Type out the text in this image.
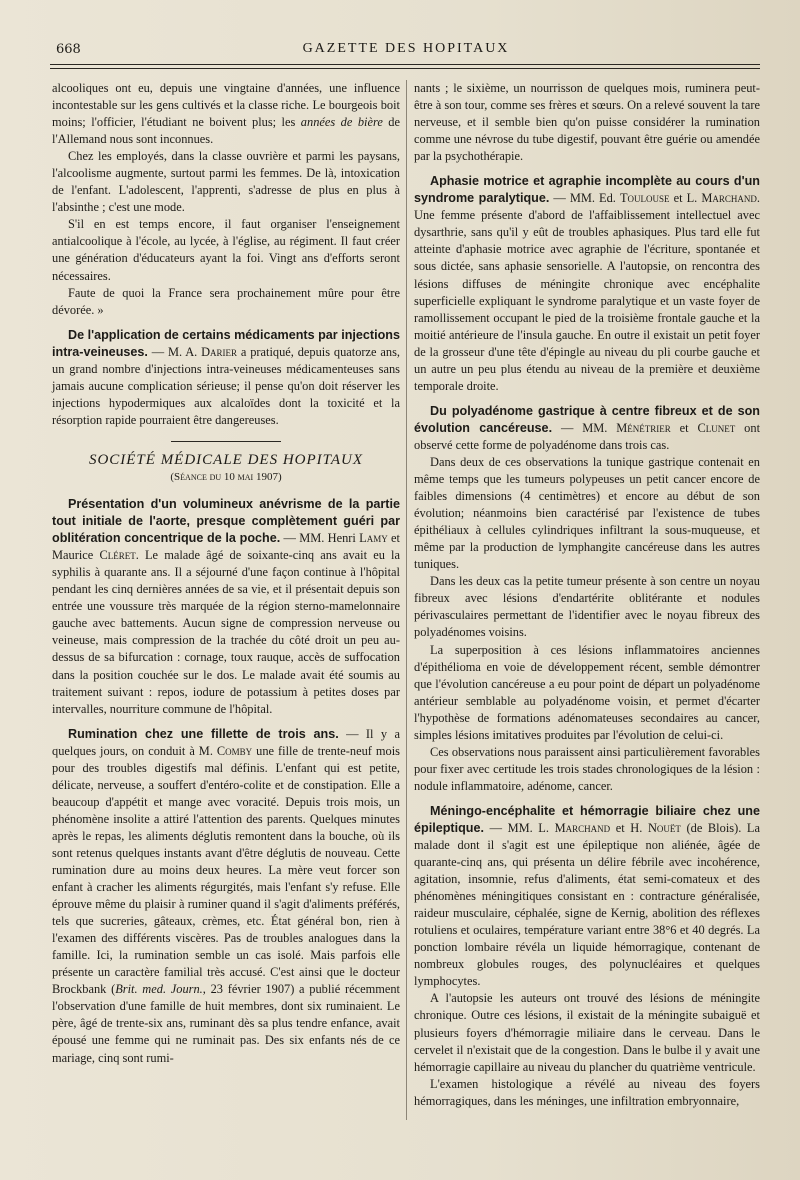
668	GAZETTE DES HOPITAUX

alcooliques ont eu, depuis une vingtaine d'années, une influence incontestable sur les gens cultivés et la classe riche. Le bourgeois boit moins; l'officier, l'étudiant ne boivent plus; les années de bière de l'Allemand nous sont inconnues.

Chez les employés, dans la classe ouvrière et parmi les paysans, l'alcoolisme augmente, surtout parmi les femmes. De là, intoxication de l'enfant. L'adolescent, l'apprenti, s'adresse de plus en plus à l'absinthe ; c'est une mode.

S'il en est temps encore, il faut organiser l'enseignement antialcoolique à l'école, au lycée, à l'église, au régiment. Il faut créer une génération d'éducateurs ayant la foi. Vingt ans d'efforts seront nécessaires.

Faute de quoi la France sera prochainement mûre pour être dévorée. »

De l'application de certains médicaments par injections intra-veineuses. — M. A. Darier a pratiqué, depuis quatorze ans, un grand nombre d'injections intra-veineuses médicamenteuses sans jamais aucune complication sérieuse; il pense qu'on doit réserver les injections hypodermiques aux alcaloïdes dont la toxicité et la résorption rapide pourraient être dangereuses.

SOCIÉTÉ MÉDICALE DES HOPITAUX
(Séance du 10 mai 1907)

Présentation d'un volumineux anévrisme de la partie tout initiale de l'aorte, presque complètement guéri par oblitération concentrique de la poche. — MM. Henri Lamy et Maurice Cléret. Le malade âgé de soixante-cinq ans avait eu la syphilis à quarante ans. Il a séjourné d'une façon continue à l'hôpital pendant les cinq dernières années de sa vie, et il présentait depuis son entrée une voussure très marquée de la région sterno-mamelonnaire gauche avec battements. Aucun signe de compression nerveuse ou veineuse, mais compression de la trachée du côté droit un peu au-dessus de sa bifurcation : cornage, toux rauque, accès de suffocation dans la position couchée sur le dos. Le malade avait été soumis au traitement suivant : repos, iodure de potassium à petites doses par intervalles, nourriture commune de l'hôpital.

Rumination chez une fillette de trois ans. — Il y a quelques jours, on conduit à M. Comby une fille de trente-neuf mois pour des troubles digestifs mal définis. L'enfant qui est petite, délicate, nerveuse, a souffert d'entéro-colite et de constipation. Elle a beaucoup d'appétit et mange avec voracité. Depuis trois mois, un phénomène insolite a attiré l'attention des parents. Quelques minutes après le repas, les aliments déglutis remontent dans la bouche, où ils sont retenus quelques instants avant d'être déglutis de nouveau. Cette rumination dure au moins deux heures. La mère veut forcer son enfant à cracher les aliments régurgités, mais l'enfant s'y refuse. Elle éprouve même du plaisir à ruminer quand il s'agit d'aliments préférés, tels que sucreries, gâteaux, crèmes, etc. État général bon, rien à l'examen des différents viscères. Pas de troubles analogues dans la famille. Ici, la rumination semble un cas isolé. Mais parfois elle présente un caractère familial très accusé. C'est ainsi que le docteur Brockbank (Brit. med. Journ., 23 février 1907) a publié récemment l'observation d'une famille de huit membres, dont six ruminaient. Le père, âgé de trente-six ans, ruminant dès sa plus tendre enfance, avait épousé une femme qui ne ruminait pas. Des six enfants nés de ce mariage, cinq sont rumi-

nants ; le sixième, un nourrisson de quelques mois, ruminera peut-être à son tour, comme ses frères et sœurs. On a relevé souvent la tare nerveuse, et il semble bien qu'on puisse considérer la rumination comme une névrose du tube digestif, pouvant être guérie ou amendée par la psychothérapie.

Aphasie motrice et agraphie incomplète au cours d'un syndrome paralytique. — MM. Ed. Toulouse et L. Marchand. Une femme présente d'abord de l'affaiblissement intellectuel avec dysarthrie, sans qu'il y eût de troubles aphasiques. Plus tard elle fut atteinte d'aphasie motrice avec agraphie de l'écriture, spontanée et sous dictée, sans aphasie sensorielle. A l'autopsie, on rencontra des lésions diffuses de méningite chronique avec encéphalite superficielle expliquant le syndrome paralytique et un vaste foyer de ramollissement occupant le pied de la troisième frontale gauche et la moitié antérieure de l'insula gauche. En outre il existait un petit foyer de la grosseur d'une tête d'épingle au niveau du pli courbe gauche et un autre un peu plus étendu au niveau de la première et deuxième temporale droite.

Du polyadénome gastrique à centre fibreux et de son évolution cancéreuse. — MM. Ménétrier et Clunet ont observé cette forme de polyadénome dans trois cas.

Dans deux de ces observations la tunique gastrique contenait en même temps que les tumeurs polypeuses un petit cancer encore de faibles dimensions (4 centimètres) et encore au début de son évolution; néanmoins bien caractérisé par l'existence de tubes épithéliaux à cellules cylindriques infiltrant la sous-muqueuse, et même par la production de lymphangite cancéreuse dans les autres tuniques.

Dans les deux cas la petite tumeur présente à son centre un noyau fibreux avec lésions d'endartérite oblitérante et nodules périvasculaires permettant de l'identifier avec le noyau fibreux des polyadénomes voisins.

La superposition à ces lésions inflammatoires anciennes d'épithélioma en voie de développement récent, semble démontrer que l'évolution cancéreuse a eu pour point de départ un polyadénome antérieur semblable au polyadénome voisin, et permet d'écarter l'hypothèse de formations adénomateuses secondaires au cancer, simples lésions imitatives produites par l'évolution de celui-ci.

Ces observations nous paraissent ainsi particulièrement favorables pour fixer avec certitude les trois stades chronologiques de la lésion : nodule inflammatoire, adénome, cancer.

Méningo-encéphalite et hémorragie biliaire chez une épileptique. — MM. L. Marchand et H. Nouët (de Blois). La malade dont il s'agit est une épileptique non aliénée, âgée de quarante-cinq ans, qui présenta un délire fébrile avec incohérence, agitation, insomnie, refus d'aliments, état semi-comateux et des phénomènes méningitiques consistant en : contracture généralisée, raideur musculaire, céphalée, signe de Kernig, abolition des réflexes rotuliens et oculaires, température variant entre 38°6 et 40 degrés. La ponction lombaire révéla un liquide hémorragique, contenant de nombreux globules rouges, des polynucléaires et quelques lymphocytes.

A l'autopsie les auteurs ont trouvé des lésions de méningite chronique. Outre ces lésions, il existait de la méningite subaiguë et plusieurs foyers d'hémorragie miliaire dans le cerveau. Dans le cervelet il n'existait que de la congestion. Dans le bulbe il y avait une hémorragie capillaire au niveau du plancher du quatrième ventricule.

L'examen histologique a révélé au niveau des foyers hémorragiques, dans les méninges, une infiltration embryonnaire,
